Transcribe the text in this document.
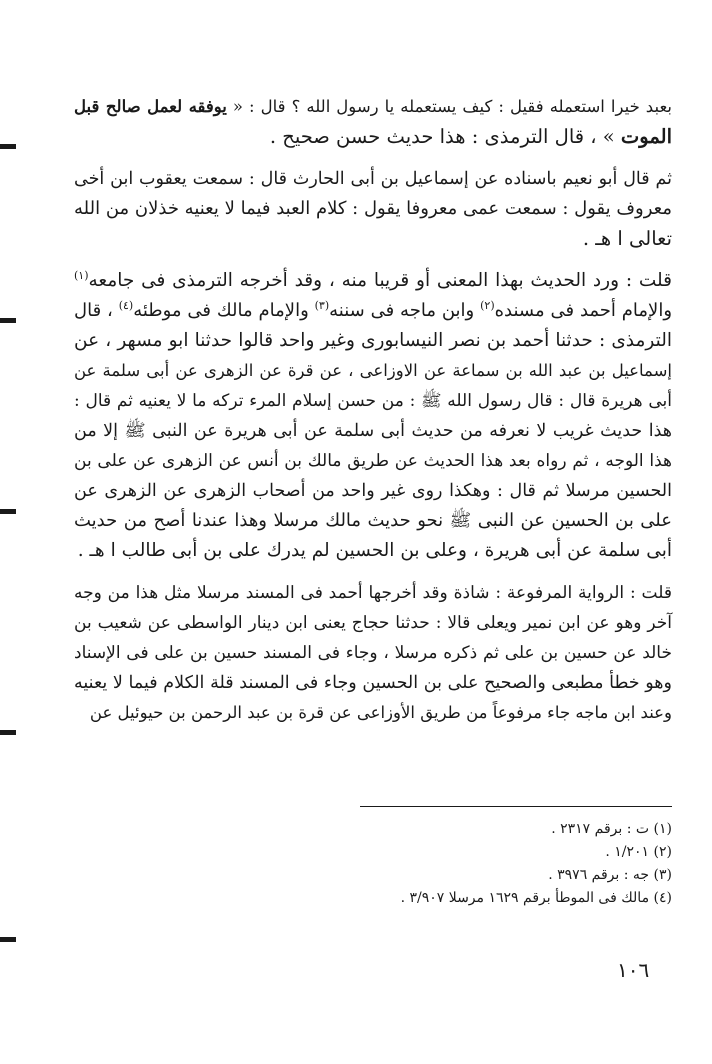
بعبد خيرا استعمله فقيل : كيف يستعمله يا رسول الله ؟ قال : « يوفقه لعمل صالح قبل

الموت » ، قال الترمذى : هذا حديث حسن صحيح .

ثم قال أبو نعيم باسناده عن إسماعيل بن أبى الحارث قال : سمعت يعقوب ابن أخى

معروف يقول : سمعت عمى معروفا يقول : كلام العبد فيما لا يعنيه خذلان من الله

تعالى ا هـ .

قلت : ورد الحديث بهذا المعنى أو قريبا منه ، وقد أخرجه الترمذى فى جامعه$^{(١)}$

والإمام أحمد فى مسنده$^{(٢)}$ وابن ماجه فى سننه$^{(٣)}$ والإمام مالك فى موطئه$^{(٤)}$ ، قال

الترمذى : حدثنا أحمد بن نصر النيسابورى وغير واحد قالوا حدثنا ابو مسهر ، عن

إسماعيل بن عبد الله بن سماعة عن الاوزاعى ، عن قرة عن الزهرى عن أبى سلمة عن

أبى هريرة قال : قال رسول الله ﷺ : من حسن إسلام المرء تركه ما لا يعنيه ثم قال :

هذا حديث غريب لا نعرفه من حديث أبى سلمة عن أبى هريرة عن النبى ﷺ إلا من

هذا الوجه ، ثم رواه بعد هذا الحديث عن طريق مالك بن أنس عن الزهرى عن على بن

الحسين مرسلا ثم قال : وهكذا روى غير واحد من أصحاب الزهرى عن الزهرى عن

على بن الحسين عن النبى ﷺ نحو حديث مالك مرسلا وهذا عندنا أصح من حديث

أبى سلمة عن أبى هريرة ، وعلى بن الحسين لم يدرك على بن أبى طالب ا هـ .

قلت : الرواية المرفوعة : شاذة وقد أخرجها أحمد فى المسند مرسلا مثل هذا من وجه

آخر وهو عن ابن نمير ويعلى قالا : حدثنا حجاج يعنى ابن دينار الواسطى عن شعيب بن

خالد عن حسين بن على ثم ذكره مرسلا ، وجاء فى المسند حسين بن على فى الإسناد

وهو خطأ مطبعى والصحيح على بن الحسين وجاء فى المسند قلة الكلام فيما لا يعنيه

وعند ابن ماجه جاء مرفوعاً من طريق الأوزاعى عن قرة بن عبد الرحمن بن حيوئيل عن

(١) ت : برقم ٢٣١٧ .
(٢) ١/٢٠١ .
(٣) جه : برقم ٣٩٧٦ .
(٤) مالك فى الموطأ برقم ١٦٢٩ مرسلا ٣/٩٠٧ .
١٠٦
